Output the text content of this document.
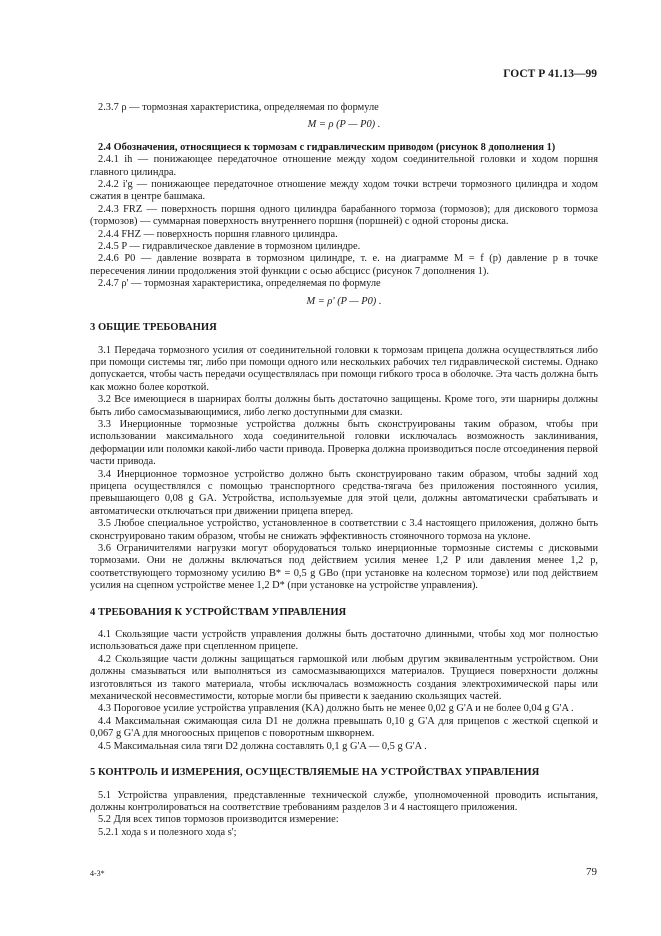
ГОСТ Р 41.13—99

2.3.7 ρ — тормозная характеристика, определяемая по формуле

M = ρ (P — P0) .

2.4 Обозначения, относящиеся к тормозам с гидравлическим приводом (рисунок 8 дополнения 1)

2.4.1 ih — понижающее передаточное отношение между ходом соединительной головки и ходом поршня главного цилиндра.

2.4.2 i'g — понижающее передаточное отношение между ходом точки встречи тормозного цилиндра и ходом сжатия в центре башмака.

2.4.3 FRZ — поверхность поршня одного цилиндра барабанного тормоза (тормозов); для дискового тормоза (тормозов) — суммарная поверхность внутреннего поршня (поршней) с одной стороны диска.

2.4.4 FHZ — поверхность поршня главного цилиндра.

2.4.5 P — гидравлическое давление в тормозном цилиндре.

2.4.6 P0 — давление возврата в тормозном цилиндре, т. е. на диаграмме M = f (p) давление p в точке пересечения линии продолжения этой функции с осью абсцисс (рисунок 7 дополнения 1).

2.4.7 ρ' — тормозная характеристика, определяемая по формуле

M = ρ' (P — P0) .

3 ОБЩИЕ ТРЕБОВАНИЯ

3.1 Передача тормозного усилия от соединительной головки к тормозам прицепа должна осуществляться либо при помощи системы тяг, либо при помощи одного или нескольких рабочих тел гидравлической системы. Однако допускается, чтобы часть передачи осуществлялась при помощи гибкого троса в оболочке. Эта часть должна быть как можно более короткой.

3.2 Все имеющиеся в шарнирах болты должны быть достаточно защищены. Кроме того, эти шарниры должны быть либо самосмазывающимися, либо легко доступными для смазки.

3.3 Инерционные тормозные устройства должны быть сконструированы таким образом, чтобы при использовании максимального хода соединительной головки исключалась возможность заклинивания, деформации или поломки какой-либо части привода. Проверка должна производиться после отсоединения первой части привода.

3.4 Инерционное тормозное устройство должно быть сконструировано таким образом, чтобы задний ход прицепа осуществлялся с помощью транспортного средства-тягача без приложения постоянного усилия, превышающего 0,08 g GA. Устройства, используемые для этой цели, должны автоматически срабатывать и автоматически отключаться при движении прицепа вперед.

3.5 Любое специальное устройство, установленное в соответствии с 3.4 настоящего приложения, должно быть сконструировано таким образом, чтобы не снижать эффективность стояночного тормоза на уклоне.

3.6 Ограничителями нагрузки могут оборудоваться только инерционные тормозные системы с дисковыми тормозами. Они не должны включаться под действием усилия менее 1,2 P или давления менее 1,2 p, соответствующего тормозному усилию B* = 0,5 g GBo (при установке на колесном тормозе) или под действием усилия на сцепном устройстве менее 1,2 D* (при установке на устройстве управления).

4 ТРЕБОВАНИЯ К УСТРОЙСТВАМ УПРАВЛЕНИЯ

4.1 Скользящие части устройств управления должны быть достаточно длинными, чтобы ход мог полностью использоваться даже при сцепленном прицепе.

4.2 Скользящие части должны защищаться гармошкой или любым другим эквивалентным устройством. Они должны смазываться или выполняться из самосмазывающихся материалов. Трущиеся поверхности должны изготовляться из такого материала, чтобы исключалась возможность создания электрохимической пары или механической несовместимости, которые могли бы привести к заеданию скользящих частей.

4.3 Пороговое усилие устройства управления (KA) должно быть не менее 0,02 g G'A и не более 0,04 g G'A .

4.4 Максимальная сжимающая сила D1 не должна превышать 0,10 g G'A для прицепов с жесткой сцепкой и 0,067 g G'A для многоосных прицепов с поворотным шкворнем.

4.5 Максимальная сила тяги D2 должна составлять 0,1 g G'A — 0,5 g G'A .

5 КОНТРОЛЬ И ИЗМЕРЕНИЯ, ОСУЩЕСТВЛЯЕМЫЕ НА УСТРОЙСТВАХ УПРАВЛЕНИЯ

5.1 Устройства управления, представленные технической службе, уполномоченной проводить испытания, должны контролироваться на соответствие требованиям разделов 3 и 4 настоящего приложения.

5.2 Для всех типов тормозов производится измерение:

5.2.1 хода s и полезного хода s';

4-3*	79
